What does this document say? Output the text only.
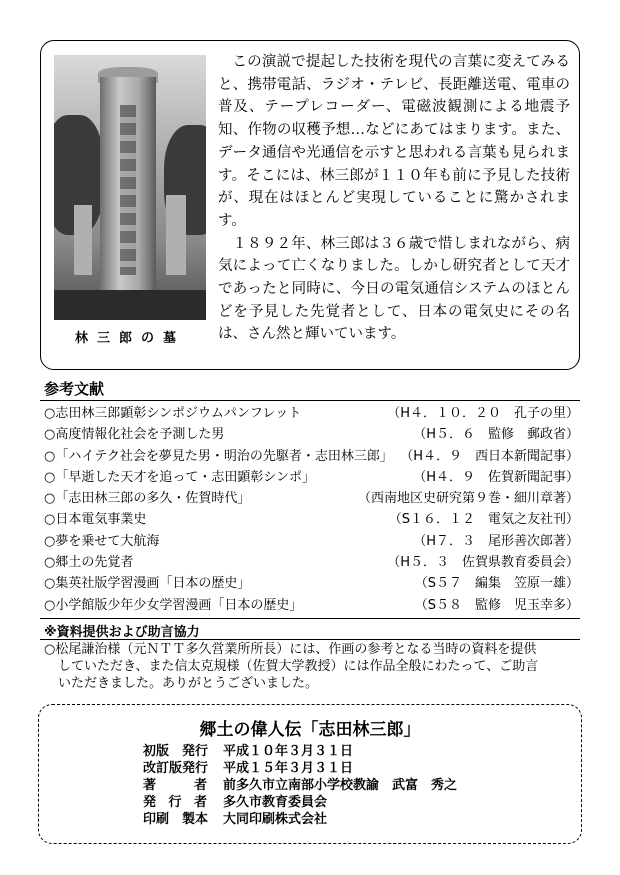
林三郎の墓

この演説で提起した技術を現代の言葉に変えてみると、携帯電話、ラジオ・テレビ、長距離送電、電車の普及、テープレコーダー、電磁波観測による地震予知、作物の収穫予想…などにあてはまります。また、データ通信や光通信を示すと思われる言葉も見られます。そこには、林三郎が１１０年も前に予見した技術が、現在はほとんど実現していることに驚かされます。

１８９２年、林三郎は３６歳で惜しまれながら、病気によって亡くなりました。しかし研究者として天才であったと同時に、今日の電気通信システムのほとんどを予見した先覚者として、日本の電気史にその名は、さん然と輝いています。

参考文献
○志田林三郎顕彰シンポジウムパンフレット	（H４．１０．２０　孔子の里）
○高度情報化社会を予測した男	（H５．６　監修　郵政省）
○「ハイテク社会を夢見た男・明治の先駆者・志田林三郎」 （H４．９　西日本新聞記事）
○「早逝した天才を追って・志田顕彰シンポ」	（H４．９　佐賀新聞記事）
○「志田林三郎の多久・佐賀時代」	（西南地区史研究第９巻・細川章著）
○日本電気事業史	（S１６．１２　電気之友社刊）
○夢を乗せて大航海	（H７．３　尾形善次郎著）
○郷土の先覚者	（H５．３　佐賀県教育委員会）
○集英社版学習漫画「日本の歴史」	（S５７　編集　笠原一雄）
○小学館版少年少女学習漫画「日本の歴史」	（S５８　監修　児玉幸多）
※資料提供および助言協力
○松尾謙治様（元ＮＴＴ多久営業所所長）には、作画の参考となる当時の資料を提供
していただき、また信太克規様（佐賀大学教授）には作品全般にわたって、ご助言
いただきました。ありがとうございました。
郷土の偉人伝「志田林三郎」
初版　発行 平成１０年３月３１日
改訂版発行 平成１５年３月３１日
著　　者 前多久市立南部小学校教諭　武富　秀之
発 行 者 多久市教育委員会
印刷　製本 大同印刷株式会社
